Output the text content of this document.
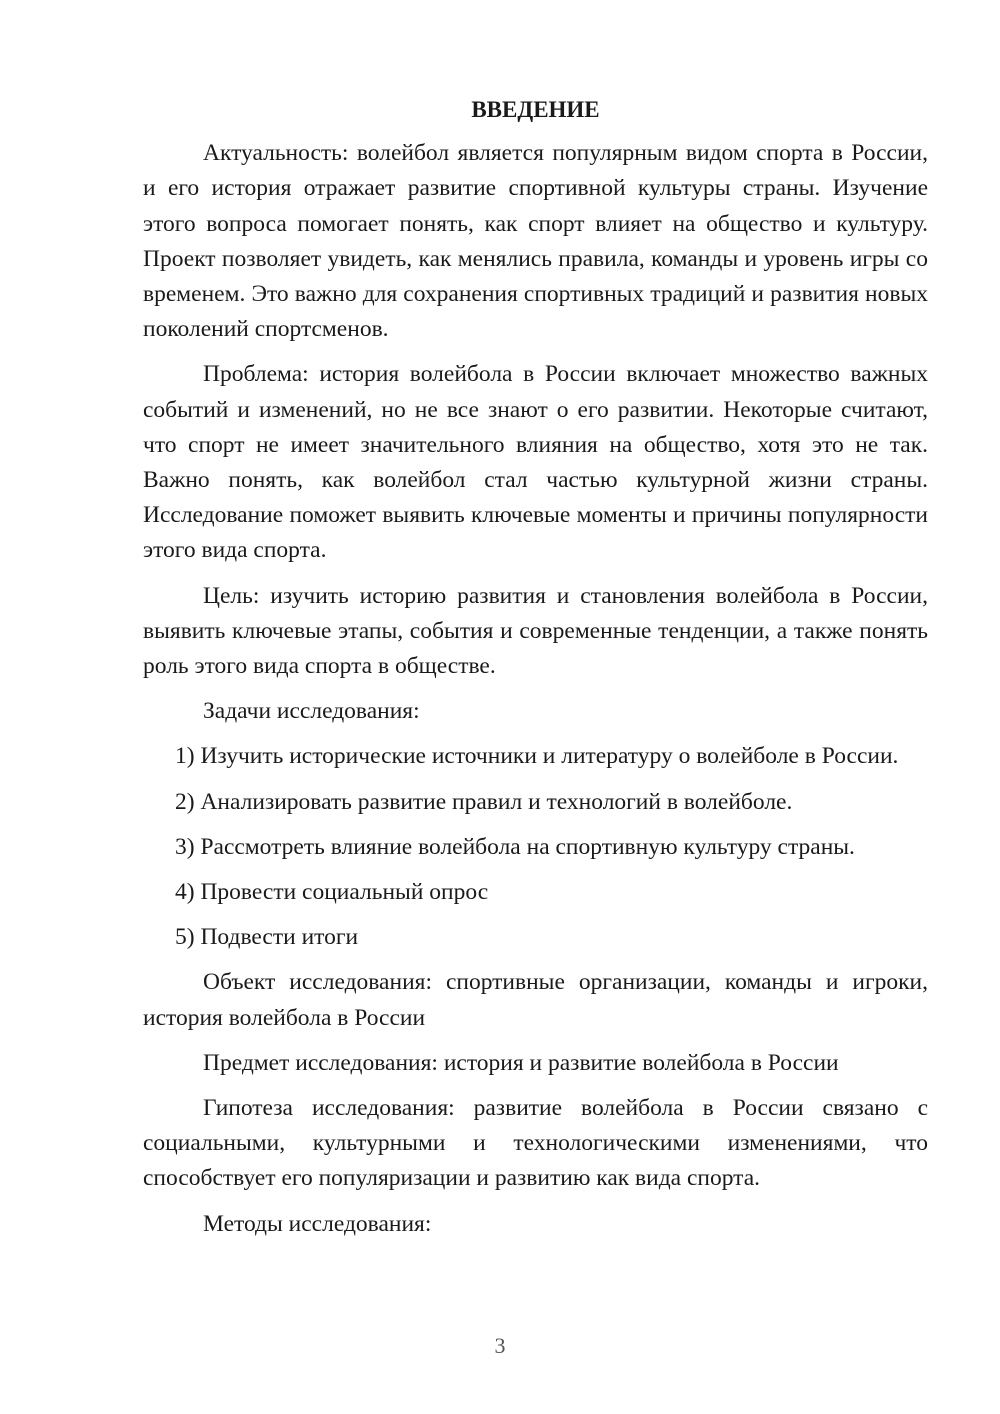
ВВЕДЕНИЕ

Актуальность: волейбол является популярным видом спорта в России, и его история отражает развитие спортивной культуры страны. Изучение этого вопроса помогает понять, как спорт влияет на общество и культуру. Проект позволяет увидеть, как менялись правила, команды и уровень игры со временем. Это важно для сохранения спортивных традиций и развития новых поколений спортсменов.

Проблема: история волейбола в России включает множество важных событий и изменений, но не все знают о его развитии. Некоторые считают, что спорт не имеет значительного влияния на общество, хотя это не так. Важно понять, как волейбол стал частью культурной жизни страны. Исследование поможет выявить ключевые моменты и причины популярности этого вида спорта.

Цель: изучить историю развития и становления волейбола в России, выявить ключевые этапы, события и современные тенденции, а также понять роль этого вида спорта в обществе.

Задачи исследования:

1) Изучить исторические источники и литературу о волейболе в России.

2) Анализировать развитие правил и технологий в волейболе.

3) Рассмотреть влияние волейбола на спортивную культуру страны.

4) Провести социальный опрос

5) Подвести итоги

Объект исследования: спортивные организации, команды и игроки, история волейбола в России

Предмет исследования: история и развитие волейбола в России

Гипотеза исследования: развитие волейбола в России связано с социальными, культурными и технологическими изменениями, что способствует его популяризации и развитию как вида спорта.

Методы исследования:

3
